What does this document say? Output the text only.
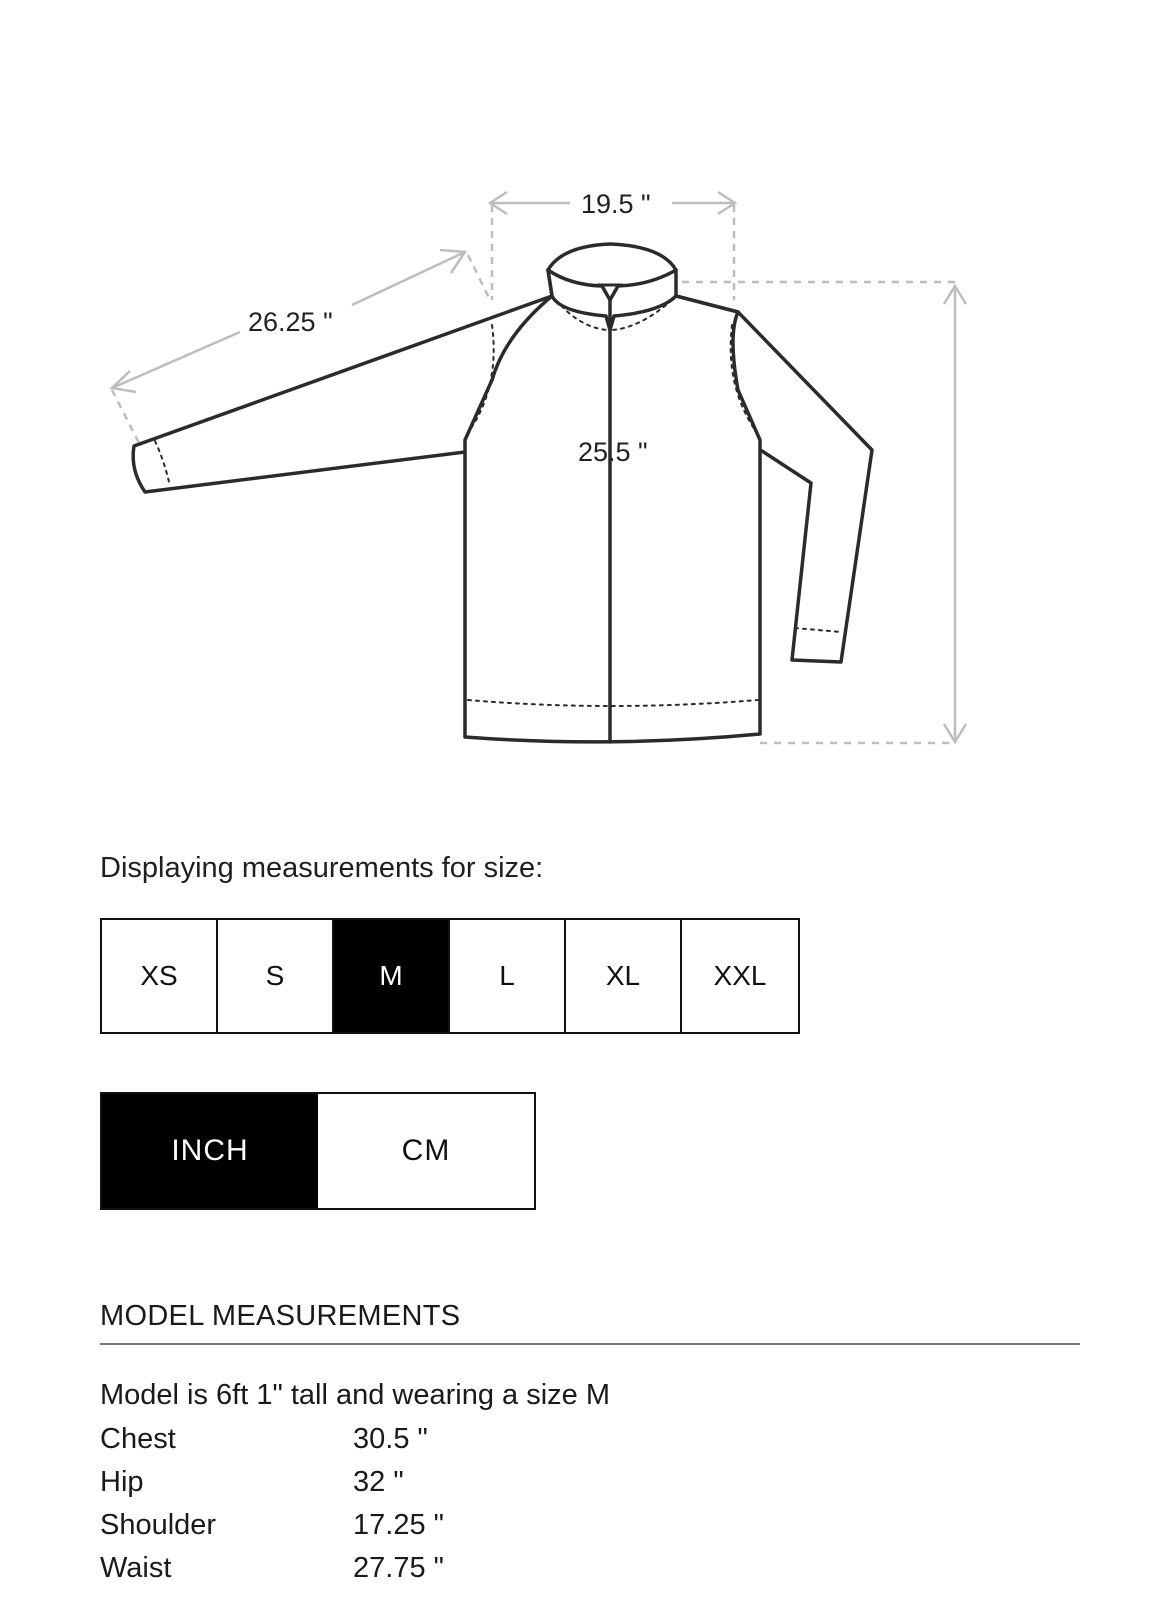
19.5 "
26.25 "
25.5 "

Displaying measurements for size:

XS	S	M	L	XL	XXL
INCH	CM
MODEL MEASUREMENTS

Model is 6ft 1" tall and wearing a size M

Chest	30.5 "
Hip	32 "
Shoulder	17.25 "
Waist	27.75 "
